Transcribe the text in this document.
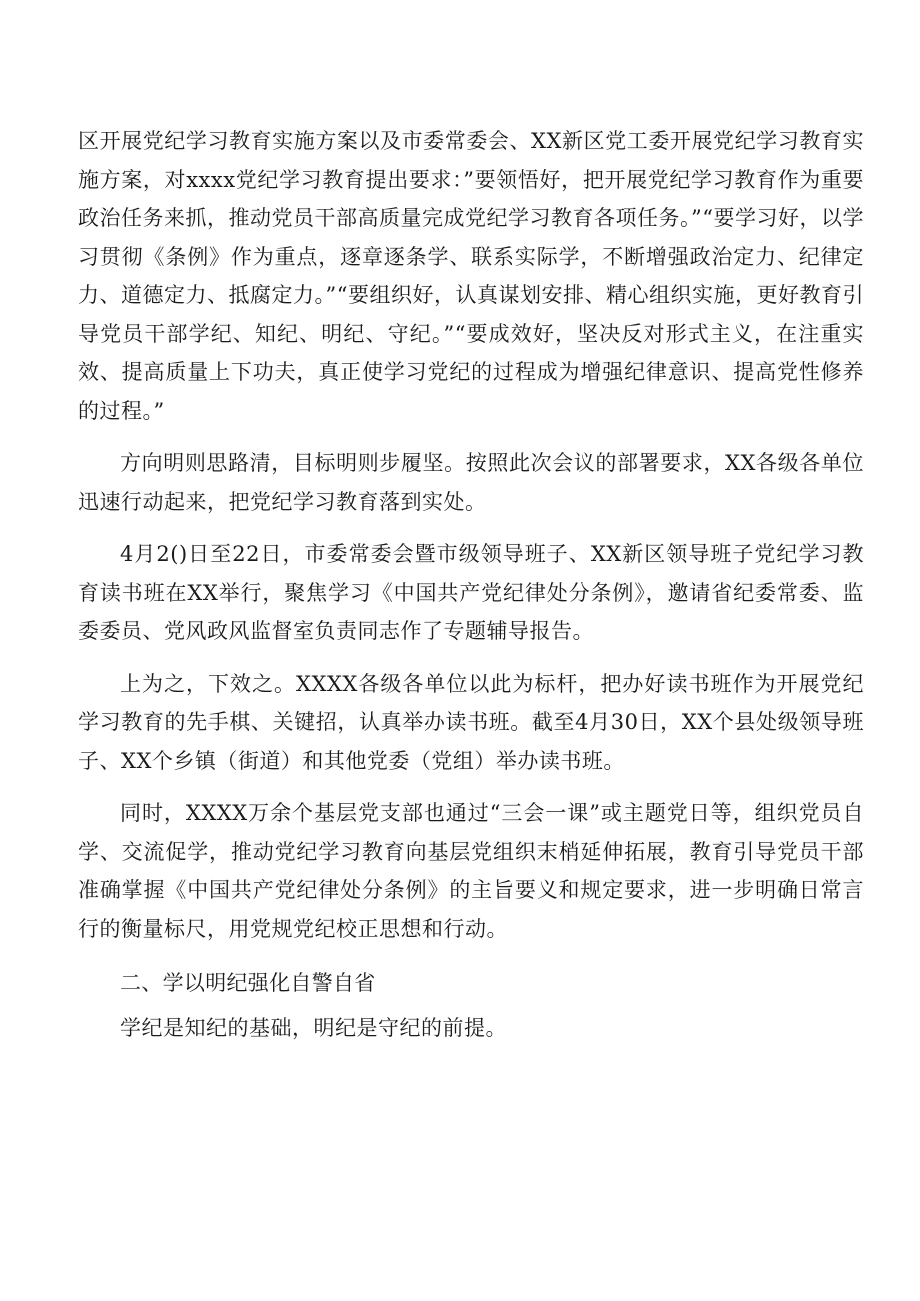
区开展党纪学习教育实施方案以及市委常委会、XX新区党工委开展党纪学习教育实施方案，对xxxx党纪学习教育提出要求：”要领悟好，把开展党纪学习教育作为重要政治任务来抓，推动党员干部高质量完成党纪学习教育各项任务。”“要学习好，以学习贯彻《条例》作为重点，逐章逐条学、联系实际学，不断增强政治定力、纪律定力、道德定力、抵腐定力。”“要组织好，认真谋划安排、精心组织实施，更好教育引导党员干部学纪、知纪、明纪、守纪。”“要成效好，坚决反对形式主义，在注重实效、提高质量上下功夫，真正使学习党纪的过程成为增强纪律意识、提高党性修养的过程。”

方向明则思路清，目标明则步履坚。按照此次会议的部署要求，XX各级各单位迅速行动起来，把党纪学习教育落到实处。

4月2()日至22日，市委常委会暨市级领导班子、XX新区领导班子党纪学习教育读书班在XX举行，聚焦学习《中国共产党纪律处分条例》，邀请省纪委常委、监委委员、党风政风监督室负责同志作了专题辅导报告。

上为之，下效之。XXXX各级各单位以此为标杆，把办好读书班作为开展党纪学习教育的先手棋、关键招，认真举办读书班。截至4月30日，XX个县处级领导班子、XX个乡镇（街道）和其他党委（党组）举办读书班。

同时，XXXX万余个基层党支部也通过“三会一课”或主题党日等，组织党员自学、交流促学，推动党纪学习教育向基层党组织末梢延伸拓展，教育引导党员干部准确掌握《中国共产党纪律处分条例》的主旨要义和规定要求，进一步明确日常言行的衡量标尺，用党规党纪校正思想和行动。

二、学以明纪强化自警自省

学纪是知纪的基础，明纪是守纪的前提。
